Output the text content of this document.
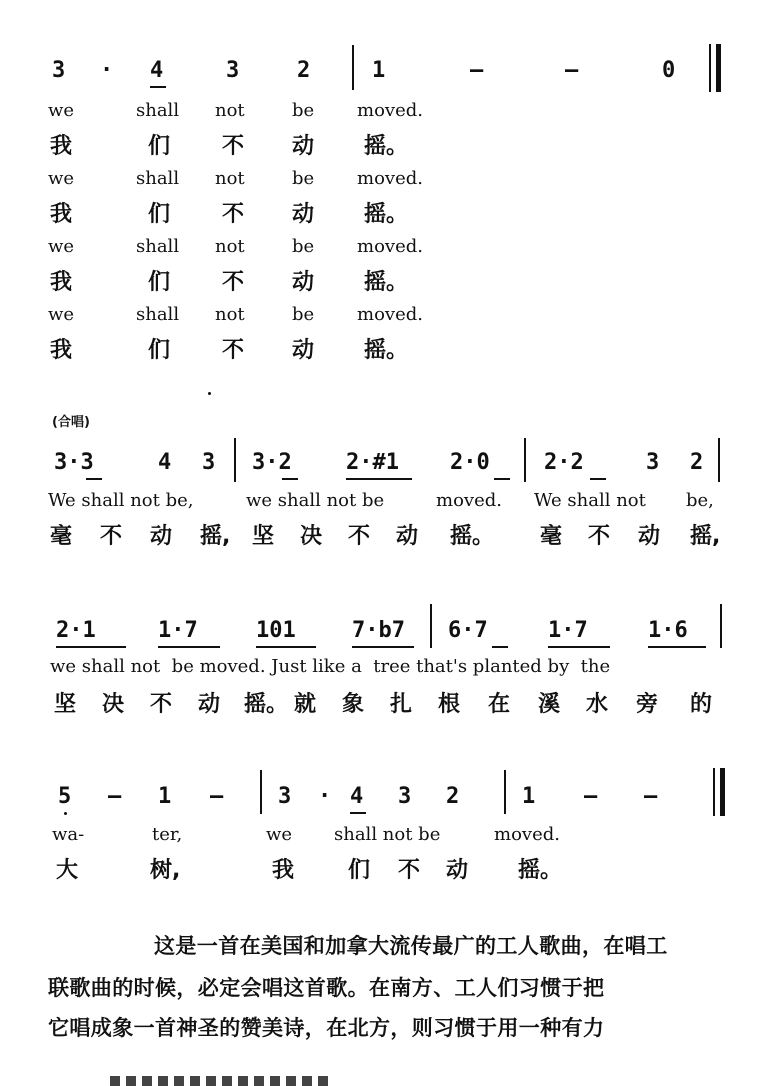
3 · 4	3	2	1	–	–	0
we	shall not	be moved.
我	们 不 动 摇。
we	shall not	be moved.
我	们 不 动 摇。
we	shall not	be moved.
我	们 不 动 摇。
we	shall not	be moved.
我	们 不 动 摇。
(合唱)
3·3	4 3 3·2 2·#1 2·0 2·2	3 2
We shall not be,	we shall not be	moved. We shall not be,
毫 不 动 摇, 坚 决 不 动 摇。 毫 不 动 摇,
2·1	1·7	101	7·b7 6·7	1·7	1·6
we shall not  be moved. Just like a  tree that's planted by  the
坚 决 不 动 摇。 就 象 扎 根 在 溪 水 旁 的
5 – 1 – 3 · 4 3 2	1 – –
wa-	ter,	we shall not be	moved.
大	树,	我 们 不 动 摇。
这是一首在美国和加拿大流传最广的工人歌曲，在唱工
联歌曲的时候，必定会唱这首歌。在南方、工人们习惯于把
它唱成象一首神圣的赞美诗，在北方，则习惯于用一种有力
